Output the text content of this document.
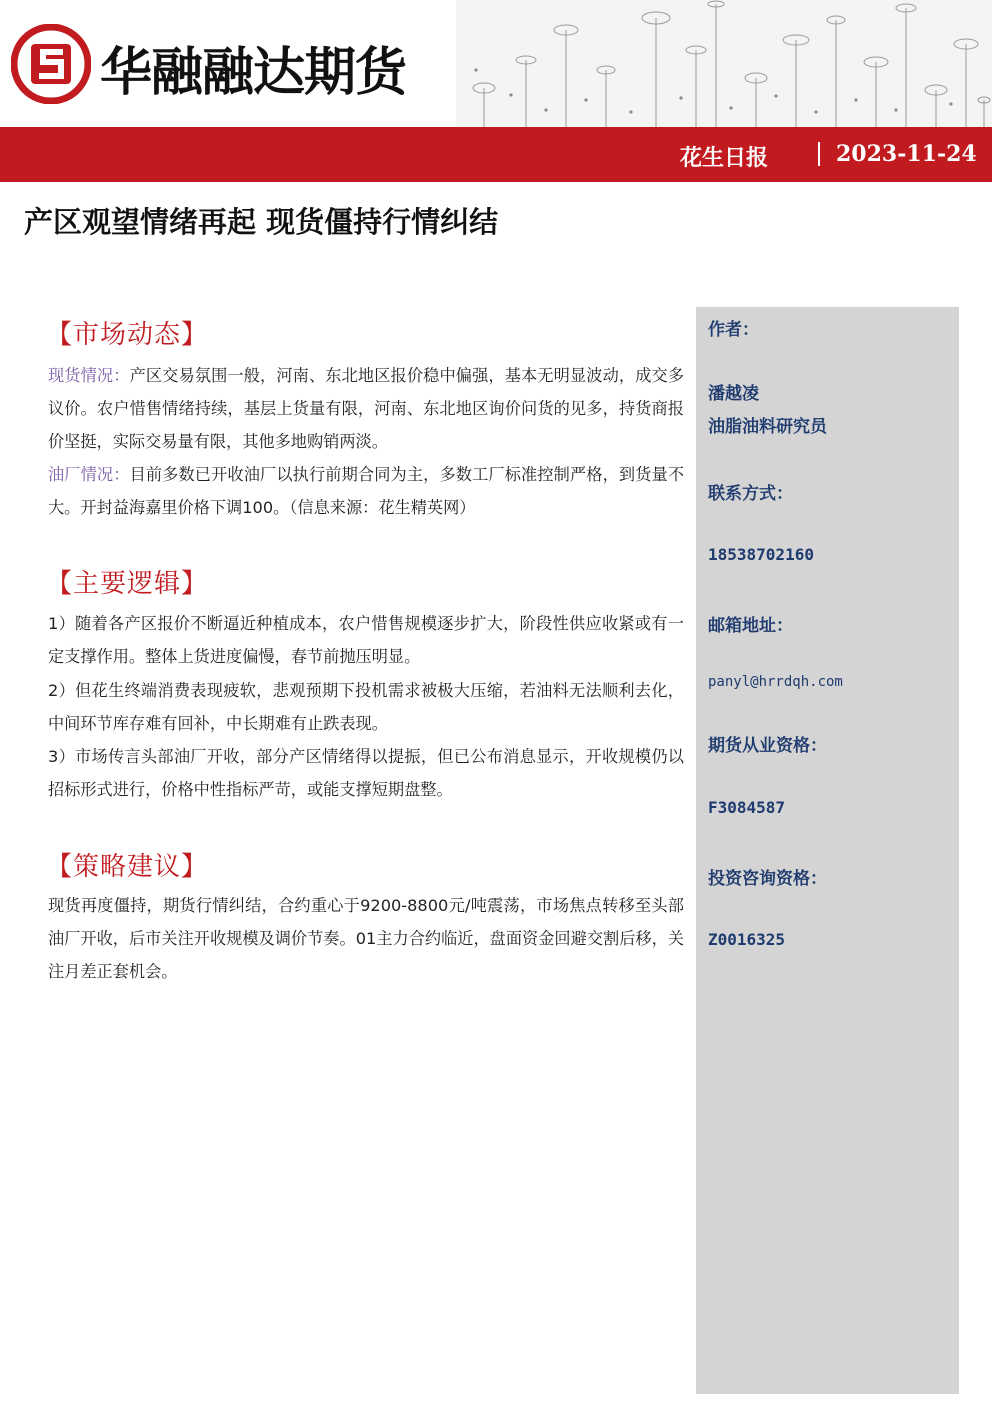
华融融达期货
花生日报	2023-11-24
产区观望情绪再起 现货僵持行情纠结
【市场动态】
现货情况：产区交易氛围一般，河南、东北地区报价稳中偏强，基本无明显波动，成交多议价。农户惜售情绪持续，基层上货量有限，河南、东北地区询价问货的见多，持货商报价坚挺，实际交易量有限，其他多地购销两淡。
油厂情况：目前多数已开收油厂以执行前期合同为主，多数工厂标准控制严格，到货量不大。开封益海嘉里价格下调100。（信息来源：花生精英网）
【主要逻辑】
1）随着各产区报价不断逼近种植成本，农户惜售规模逐步扩大，阶段性供应收紧或有一定支撑作用。整体上货进度偏慢，春节前抛压明显。
2）但花生终端消费表现疲软，悲观预期下投机需求被极大压缩，若油料无法顺利去化，中间环节库存难有回补，中长期难有止跌表现。
3）市场传言头部油厂开收，部分产区情绪得以提振，但已公布消息显示，开收规模仍以招标形式进行，价格中性指标严苛，或能支撑短期盘整。
【策略建议】
现货再度僵持，期货行情纠结，合约重心于9200-8800元/吨震荡，市场焦点转移至头部油厂开收，后市关注开收规模及调价节奏。01主力合约临近，盘面资金回避交割后移，关注月差正套机会。
作者：
潘越凌
油脂油料研究员
联系方式：
18538702160
邮箱地址：
panyl@hrrdqh.com
期货从业资格：
F3084587
投资咨询资格：
Z0016325
